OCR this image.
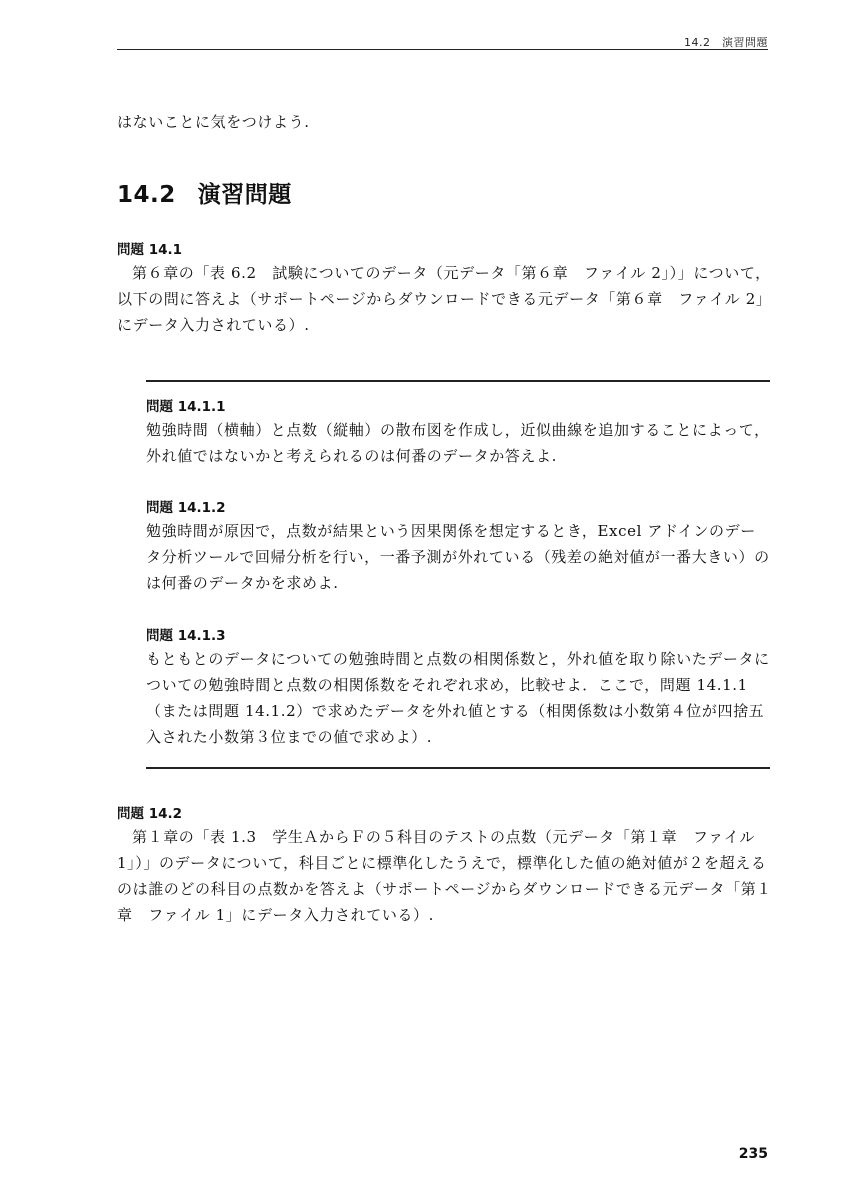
14.2　演習問題

はないことに気をつけよう.

14.2 演習問題

問題 14.1

第６章の「表 6.2　試験についてのデータ（元データ「第６章　ファイル 2」）」について，以下の問に答えよ（サポートページからダウンロードできる元データ「第６章　ファイル 2」にデータ入力されている）.

問題 14.1.1

勉強時間（横軸）と点数（縦軸）の散布図を作成し，近似曲線を追加することによって，外れ値ではないかと考えられるのは何番のデータか答えよ.

問題 14.1.2

勉強時間が原因で，点数が結果という因果関係を想定するとき，Excel アドインのデータ分析ツールで回帰分析を行い，一番予測が外れている（残差の絶対値が一番大きい）のは何番のデータかを求めよ.

問題 14.1.3

もともとのデータについての勉強時間と点数の相関係数と，外れ値を取り除いたデータについての勉強時間と点数の相関係数をそれぞれ求め，比較せよ．ここで，問題 14.1.1（または問題 14.1.2）で求めたデータを外れ値とする（相関係数は小数第４位が四捨五入された小数第３位までの値で求めよ）.

問題 14.2

第１章の「表 1.3　学生ＡからＦの５科目のテストの点数（元データ「第１章　ファイル 1」）」のデータについて，科目ごとに標準化したうえで，標準化した値の絶対値が２を超えるのは誰のどの科目の点数かを答えよ（サポートページからダウンロードできる元データ「第１章　ファイル 1」にデータ入力されている）.

235
